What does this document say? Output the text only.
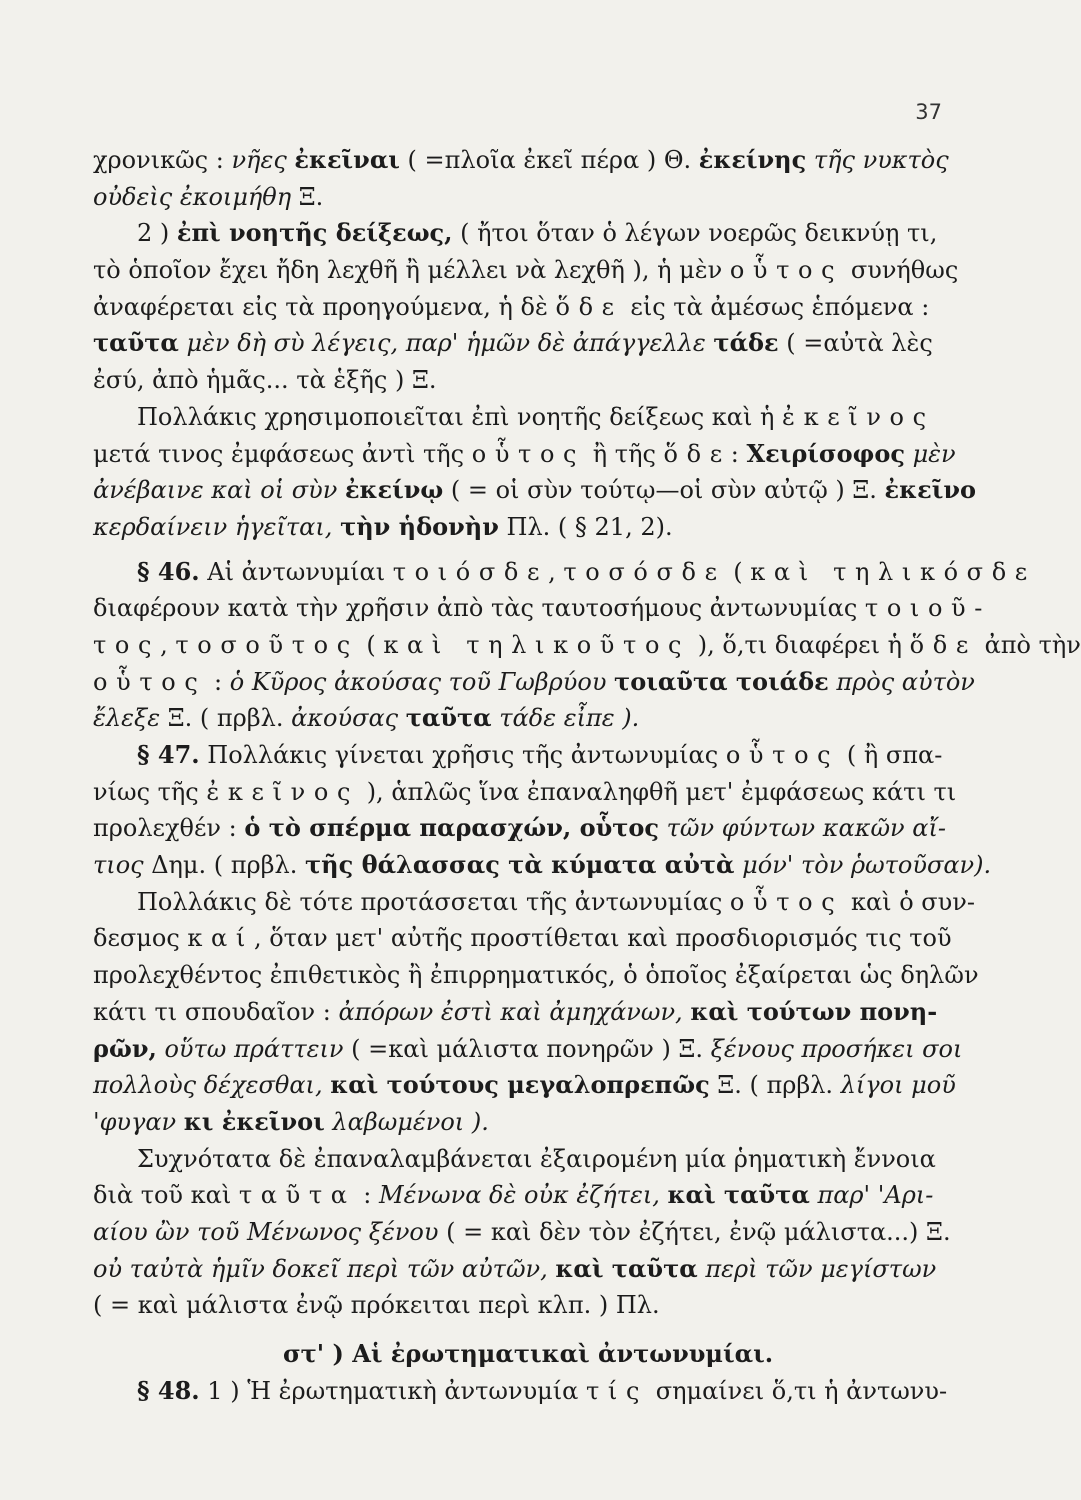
37
χρονικῶς : νῆες ἐκεῖναι ( =πλοῖα ἐκεῖ πέρα ) Θ. ἐκείνης τῆς νυκτὸς
οὐδεὶς ἐκοιμήθη Ξ.
2 ) ἐπὶ νοητῆς δείξεως, ( ἤτοι ὅταν ὁ λέγων νοερῶς δεικνύῃ τι,
τὸ ὁποῖον ἔχει ἤδη λεχθῆ ἢ μέλλει νὰ λεχθῆ ), ἡ μὲν οὗτος συνήθως
ἀναφέρεται εἰς τὰ προηγούμενα, ἡ δὲ ὅδε εἰς τὰ ἀμέσως ἑπόμενα :
ταῦτα μὲν δὴ σὺ λέγεις, παρ' ἡμῶν δὲ ἀπάγγελλε τάδε ( =αὐτὰ λὲς
ἐσύ, ἀπὸ ἡμᾶς... τὰ ἑξῆς ) Ξ.
Πολλάκις χρησιμοποιεῖται ἐπὶ νοητῆς δείξεως καὶ ἡ ἐκεῖνος
μετά τινος ἐμφάσεως ἀντὶ τῆς οὗτος ἢ τῆς ὅδε: Χειρίσοφος μὲν
ἀνέβαινε καὶ οἱ σὺν ἐκείνῳ ( = οἱ σὺν τούτῳ—οἱ σὺν αὐτῷ ) Ξ. ἐκεῖνο
κερδαίνειν ἡγεῖται, τὴν ἡδονὴν Πλ. ( § 21, 2).
§ 46. Αἱ ἀντωνυμίαι τοιόσδε, τοσόσδε ( καὶ τηλικόσδε
διαφέρουν κατὰ τὴν χρῆσιν ἀπὸ τὰς ταυτοσήμους ἀντωνυμίας τοιοῦ-
τος, τοσοῦτος ( καὶ τηλικοῦτος ), ὅ,τι διαφέρει ἡ ὅδε ἀπὸ τὴν
οὗτος : ὁ Κῦρος ἀκούσας τοῦ Γωβρύου τοιαῦτα τοιάδε πρὸς αὐτὸν
ἔλεξε Ξ. ( πρβλ. ἀκούσας ταῦτα τάδε εἶπε ).
§ 47. Πολλάκις γίνεται χρῆσις τῆς ἀντωνυμίας οὗτος ( ἢ σπα-
νίως τῆς ἐκεῖνος ), ἁπλῶς ἵνα ἐπαναληφθῆ μετ' ἐμφάσεως κάτι τι
προλεχθέν : ὁ τὸ σπέρμα παρασχών, οὗτος τῶν φύντων κακῶν αἴ-
τιος Δημ. ( πρβλ. τῆς θάλασσας τὰ κύματα αὐτὰ μόν' τὸν ῥωτοῦσαν).
Πολλάκις δὲ τότε προτάσσεται τῆς ἀντωνυμίας οὗτος καὶ ὁ συν-
δεσμος καί, ὅταν μετ' αὐτῆς προστίθεται καὶ προσδιορισμός τις τοῦ
προλεχθέντος ἐπιθετικὸς ἢ ἐπιρρηματικός, ὁ ὁποῖος ἐξαίρεται ὡς δηλῶν
κάτι τι σπουδαῖον : ἀπόρων ἐστὶ καὶ ἀμηχάνων, καὶ τούτων πονη-
ρῶν, οὕτω πράττειν ( =καὶ μάλιστα πονηρῶν ) Ξ. ξένους προσήκει σοι
πολλοὺς δέχεσθαι, καὶ τούτους μεγαλοπρεπῶς Ξ. ( πρβλ. λίγοι μοῦ
'φυγαν κι ἐκεῖνοι λαβωμένοι ).
Συχνότατα δὲ ἐπαναλαμβάνεται ἐξαιρομένη μία ῥηματικὴ ἔννοια
διὰ τοῦ καὶ ταῦτα : Μένωνα δὲ οὐκ ἐζήτει, καὶ ταῦτα παρ' 'Αρι-
αίου ὢν τοῦ Μένωνος ξένου ( = καὶ δὲν τὸν ἐζήτει, ἐνῷ μάλιστα...) Ξ.
οὐ ταὐτὰ ἡμῖν δοκεῖ περὶ τῶν αὐτῶν, καὶ ταῦτα περὶ τῶν μεγίστων
( = καὶ μάλιστα ἐνῷ πρόκειται περὶ κλπ. ) Πλ.
στ' ) Αἱ ἐρωτηματικαὶ ἀντωνυμίαι.
§ 48. 1 ) Ἡ ἐρωτηματικὴ ἀντωνυμία τίς σημαίνει ὅ,τι ἡ ἀντωνυ-
